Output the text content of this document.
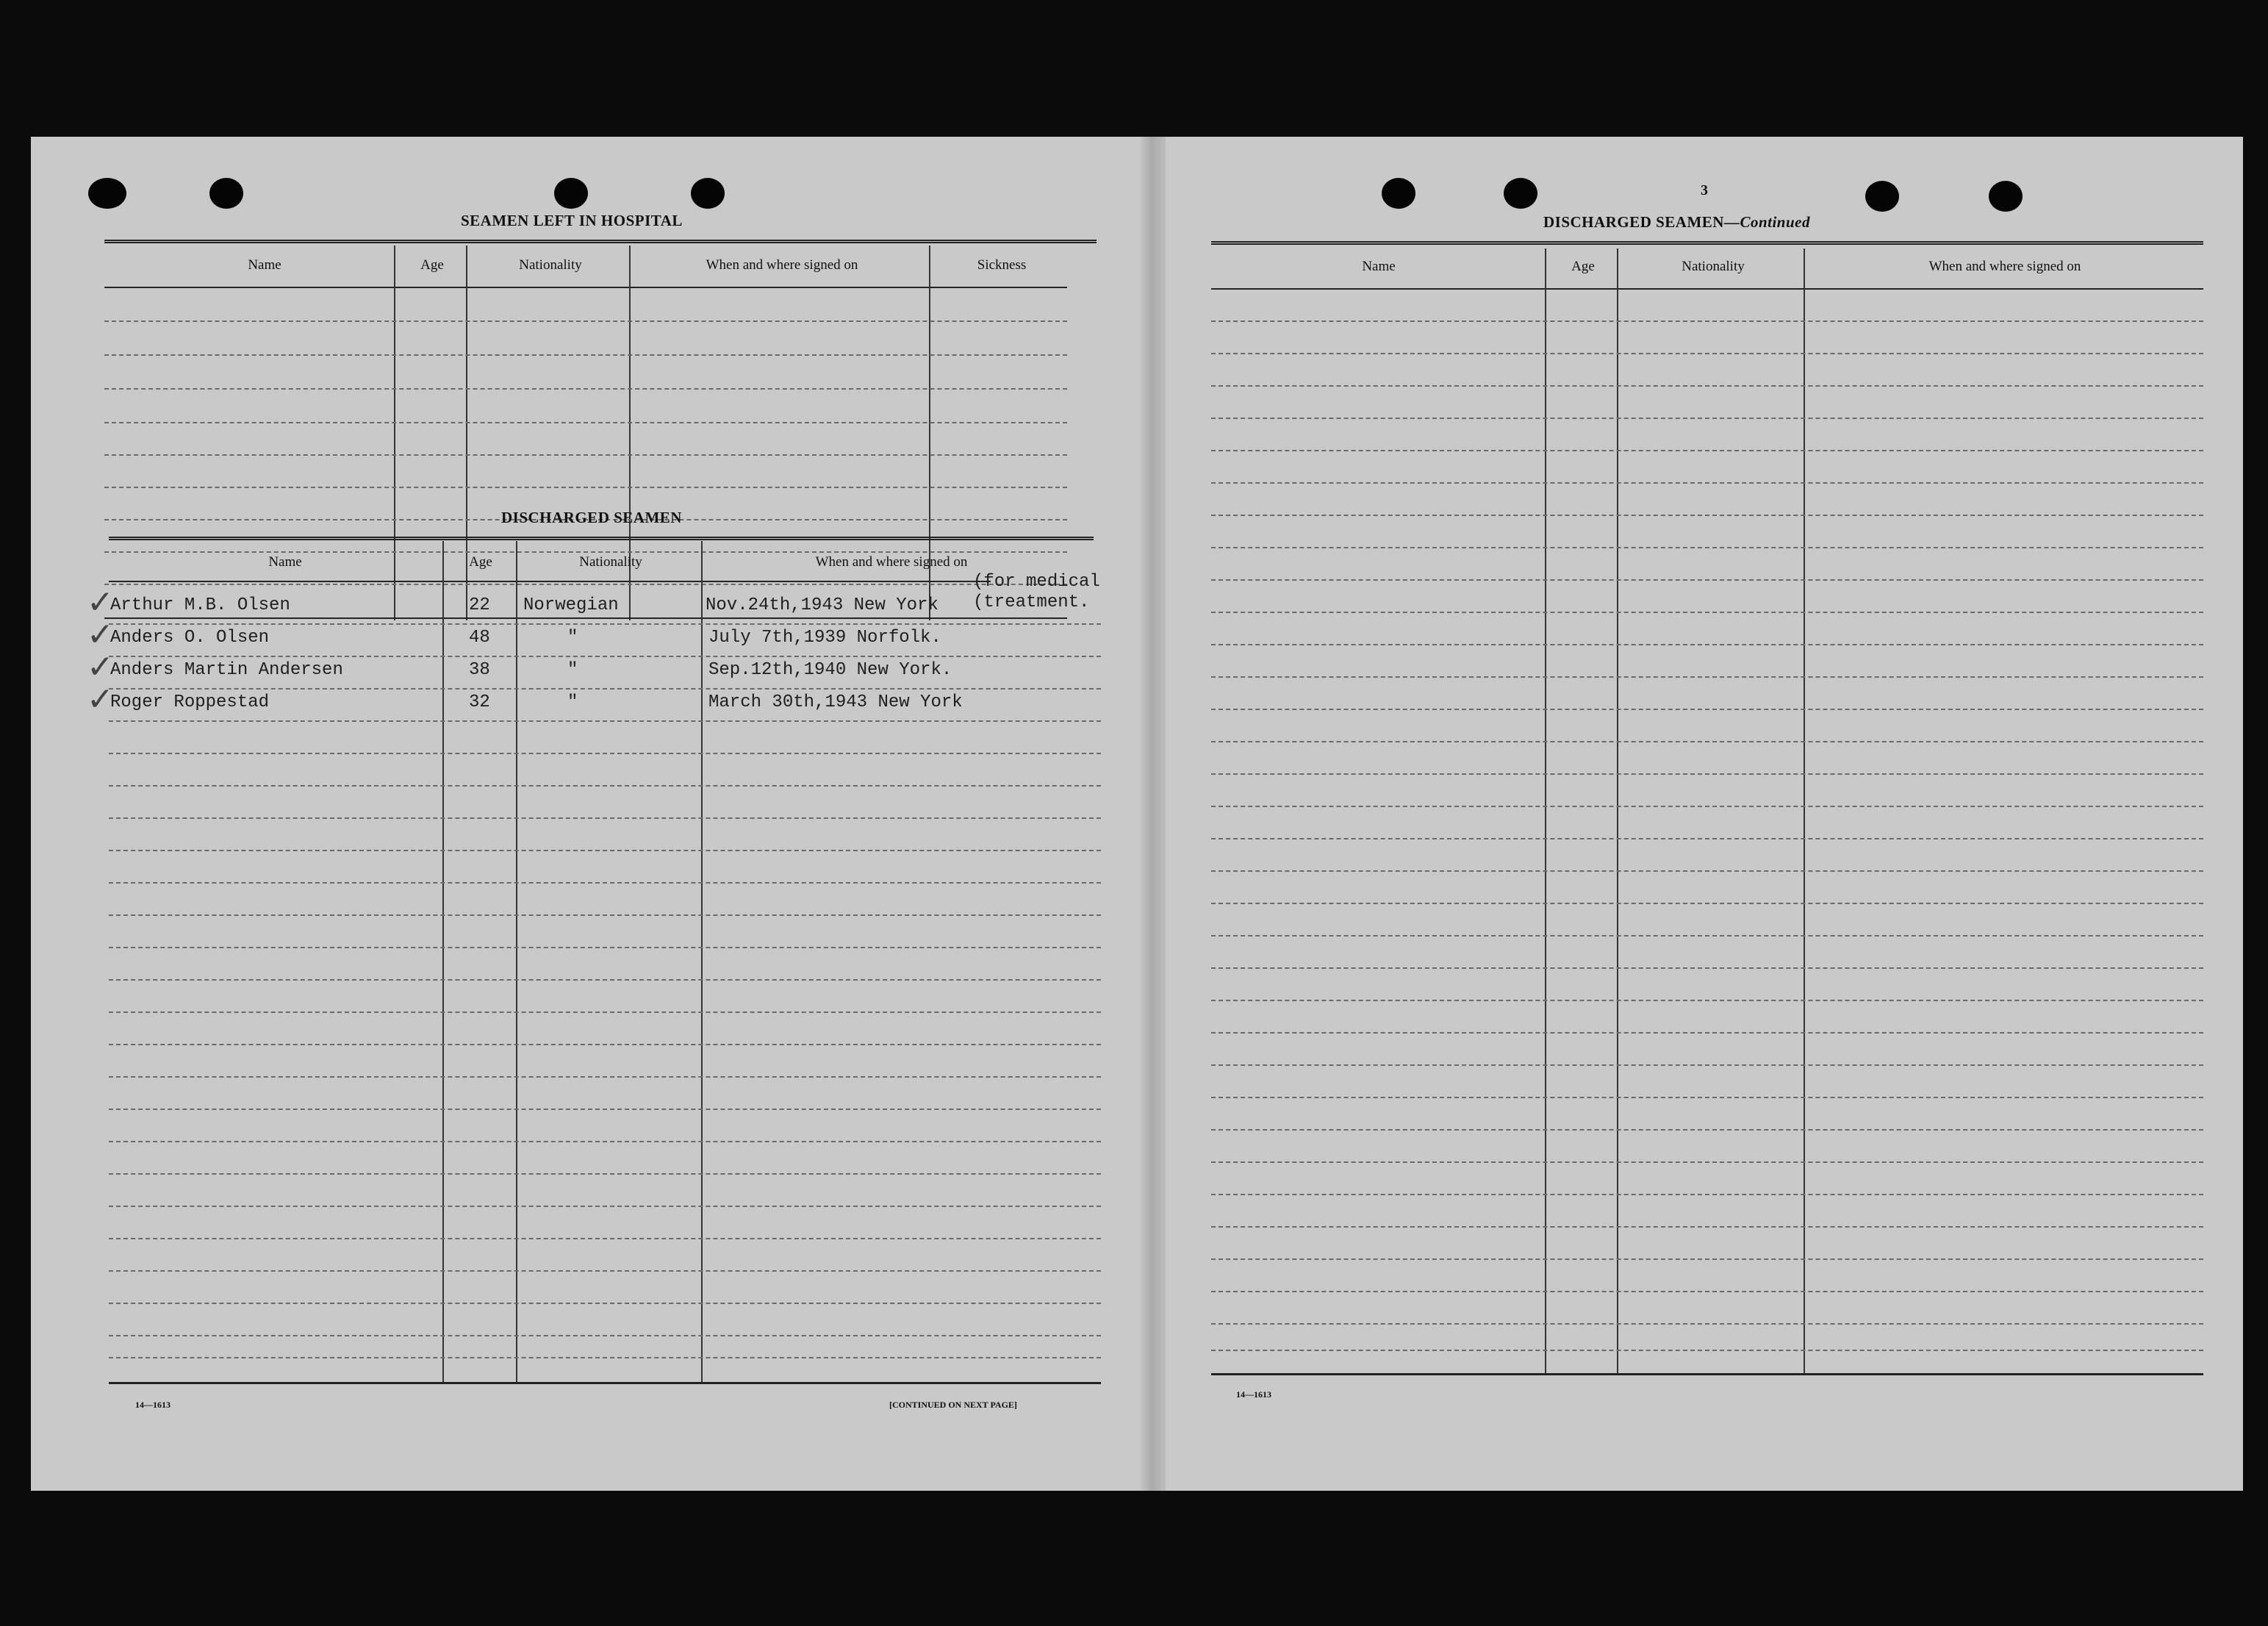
SEAMEN LEFT IN HOSPITAL
Name	Age	Nationality	When and where signed on	Sickness
DISCHARGED SEAMEN
Name	Age	Nationality	When and where signed on
(for medical
(treatment.
✓
Arthur M.B. Olsen	22 Norwegian	Nov.24th,1943 New York
✓
Anders O. Olsen	48	"	July 7th,1939 Norfolk.
✓
Anders Martin Andersen	38	"	Sep.12th,1940 New York.
✓
Roger Roppestad	32	"	March 30th,1943 New York
14—1613	[CONTINUED ON NEXT PAGE]
3
DISCHARGED SEAMEN—Continued
Name	Age	Nationality	When and where signed on
14—1613
